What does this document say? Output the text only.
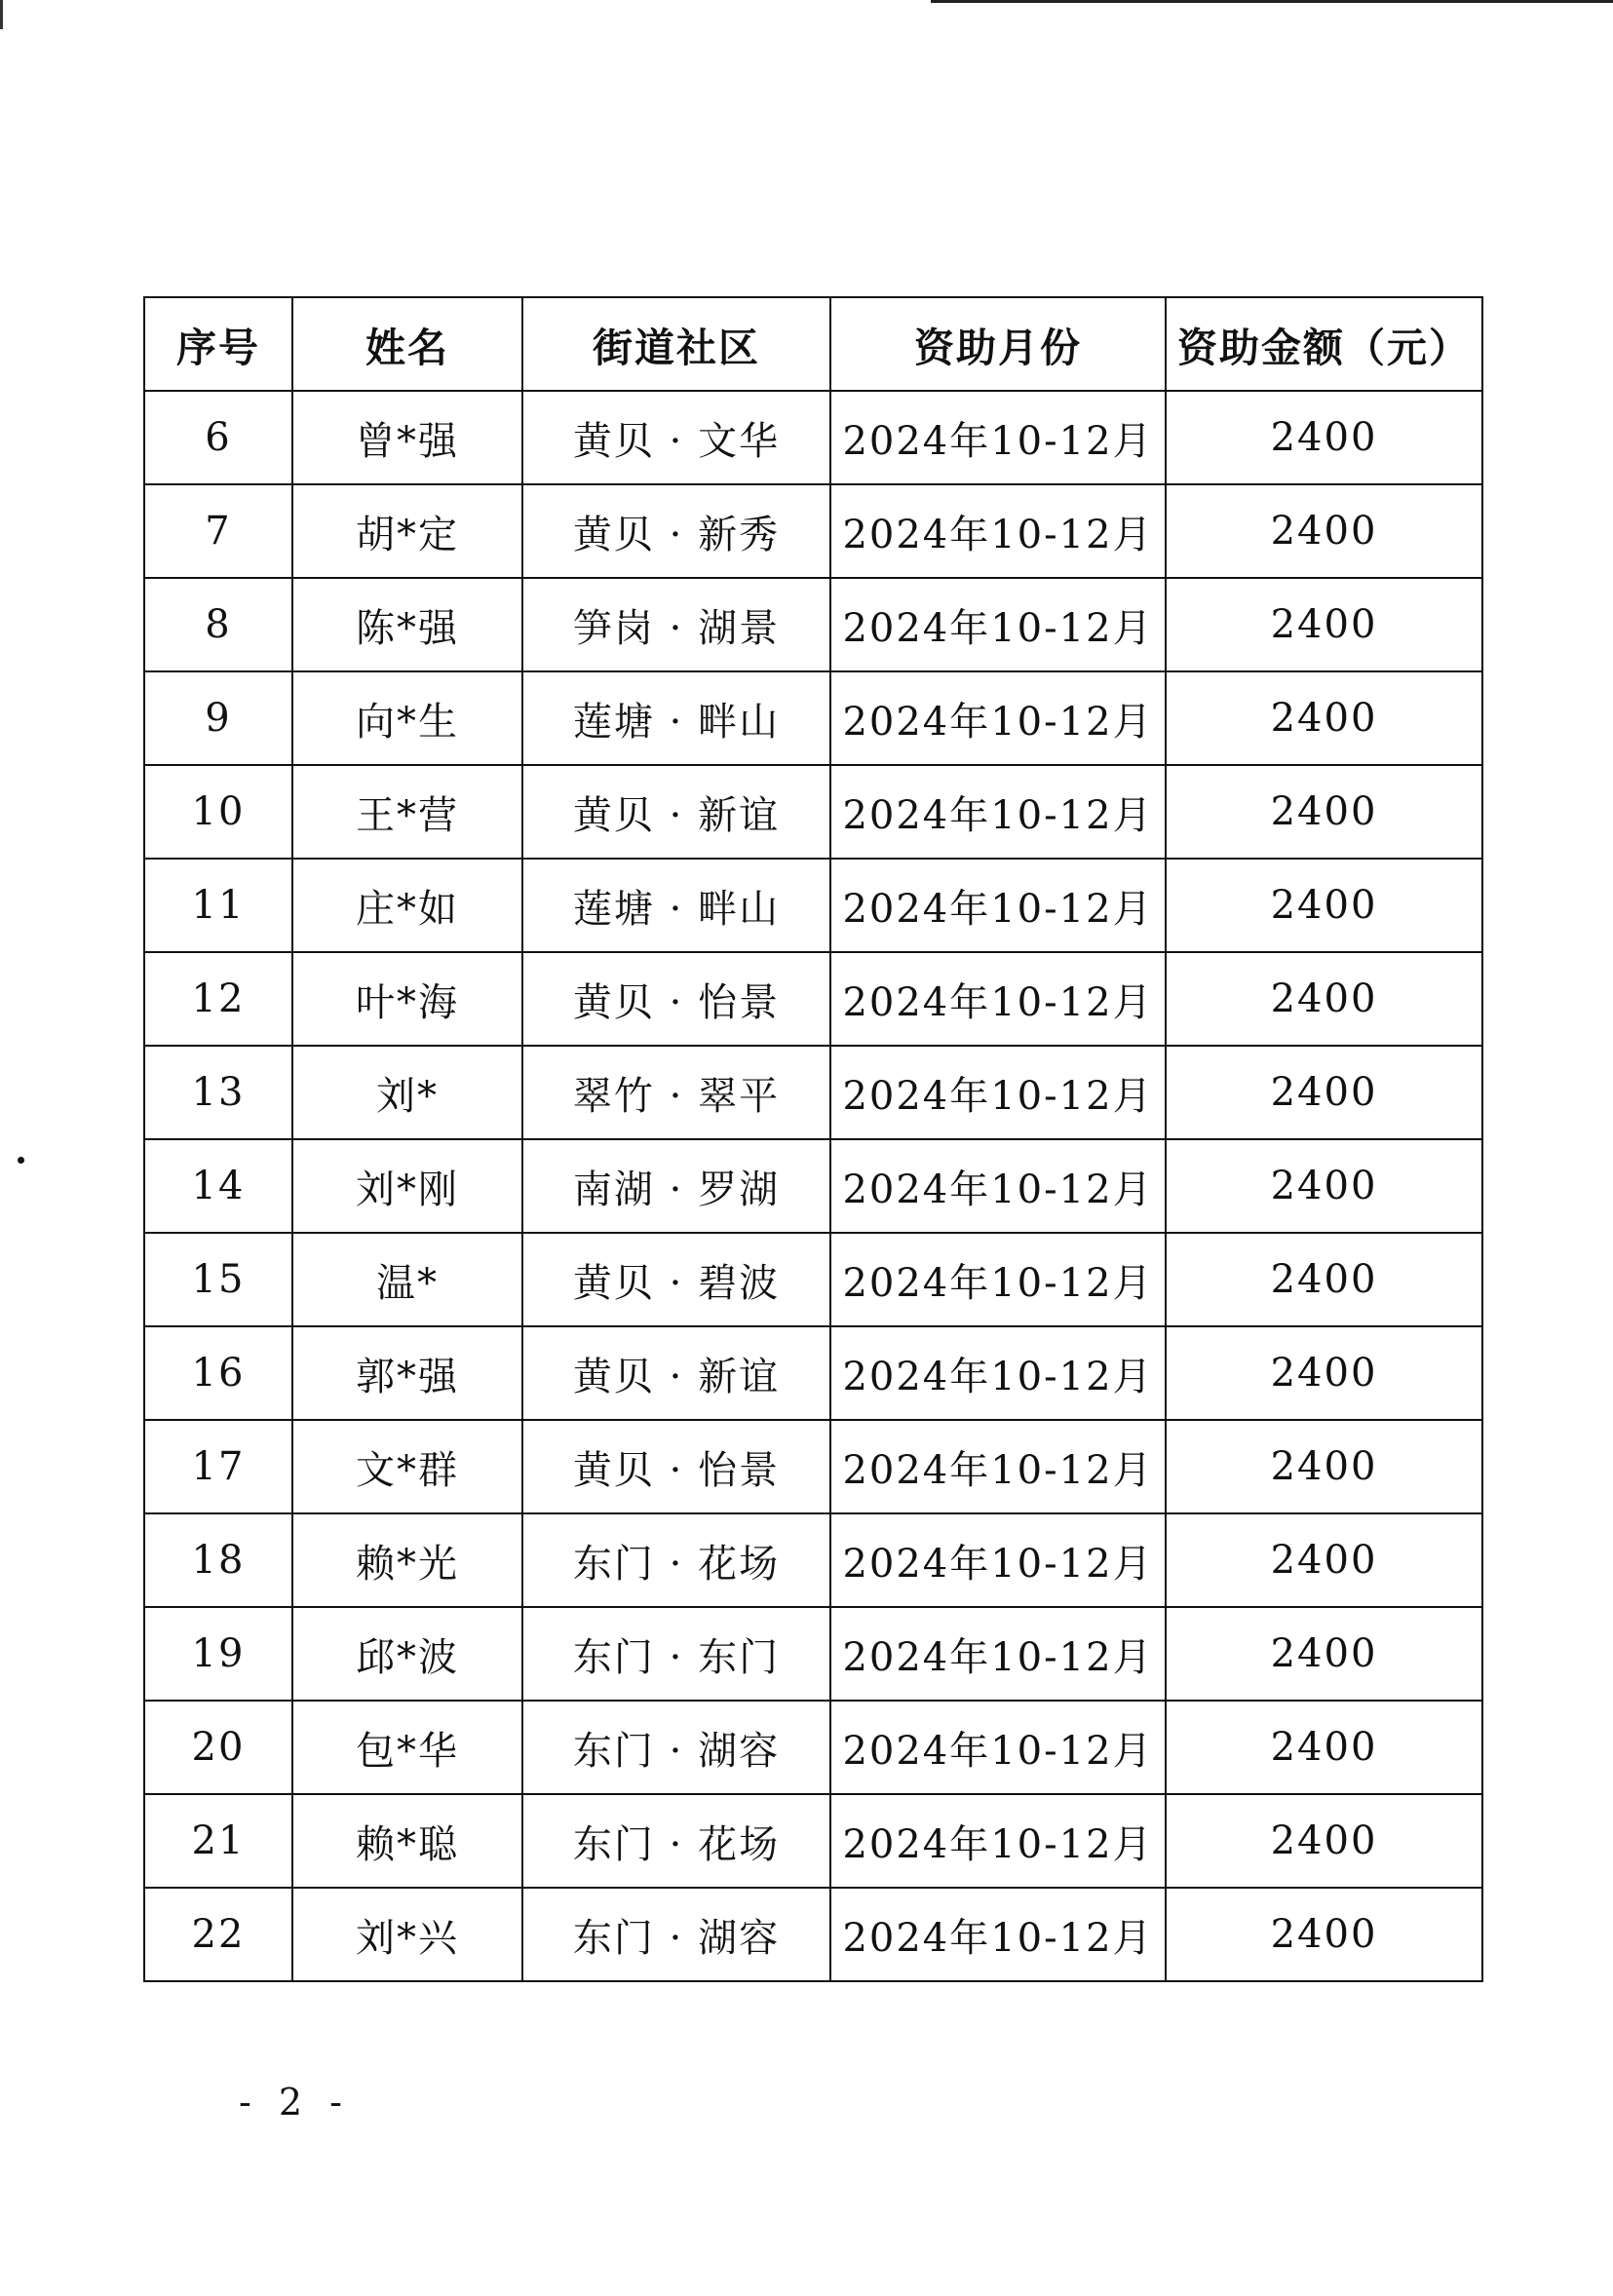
序号	姓名	街道社区	资助月份	资助金额（元）
6	曾*强	黄贝 · 文华	2024年10-12月	2400
7	胡*定	黄贝 · 新秀	2024年10-12月	2400
8	陈*强	笋岗 · 湖景	2024年10-12月	2400
9	向*生	莲塘 · 畔山	2024年10-12月	2400
10	王*营	黄贝 · 新谊	2024年10-12月	2400
11	庄*如	莲塘 · 畔山	2024年10-12月	2400
12	叶*海	黄贝 · 怡景	2024年10-12月	2400
13	刘*	翠竹 · 翠平	2024年10-12月	2400
14	刘*刚	南湖 · 罗湖	2024年10-12月	2400
15	温*	黄贝 · 碧波	2024年10-12月	2400
16	郭*强	黄贝 · 新谊	2024年10-12月	2400
17	文*群	黄贝 · 怡景	2024年10-12月	2400
18	赖*光	东门 · 花场	2024年10-12月	2400
19	邱*波	东门 · 东门	2024年10-12月	2400
20	包*华	东门 · 湖容	2024年10-12月	2400
21	赖*聪	东门 · 花场	2024年10-12月	2400
22	刘*兴	东门 · 湖容	2024年10-12月	2400
- 2 -
